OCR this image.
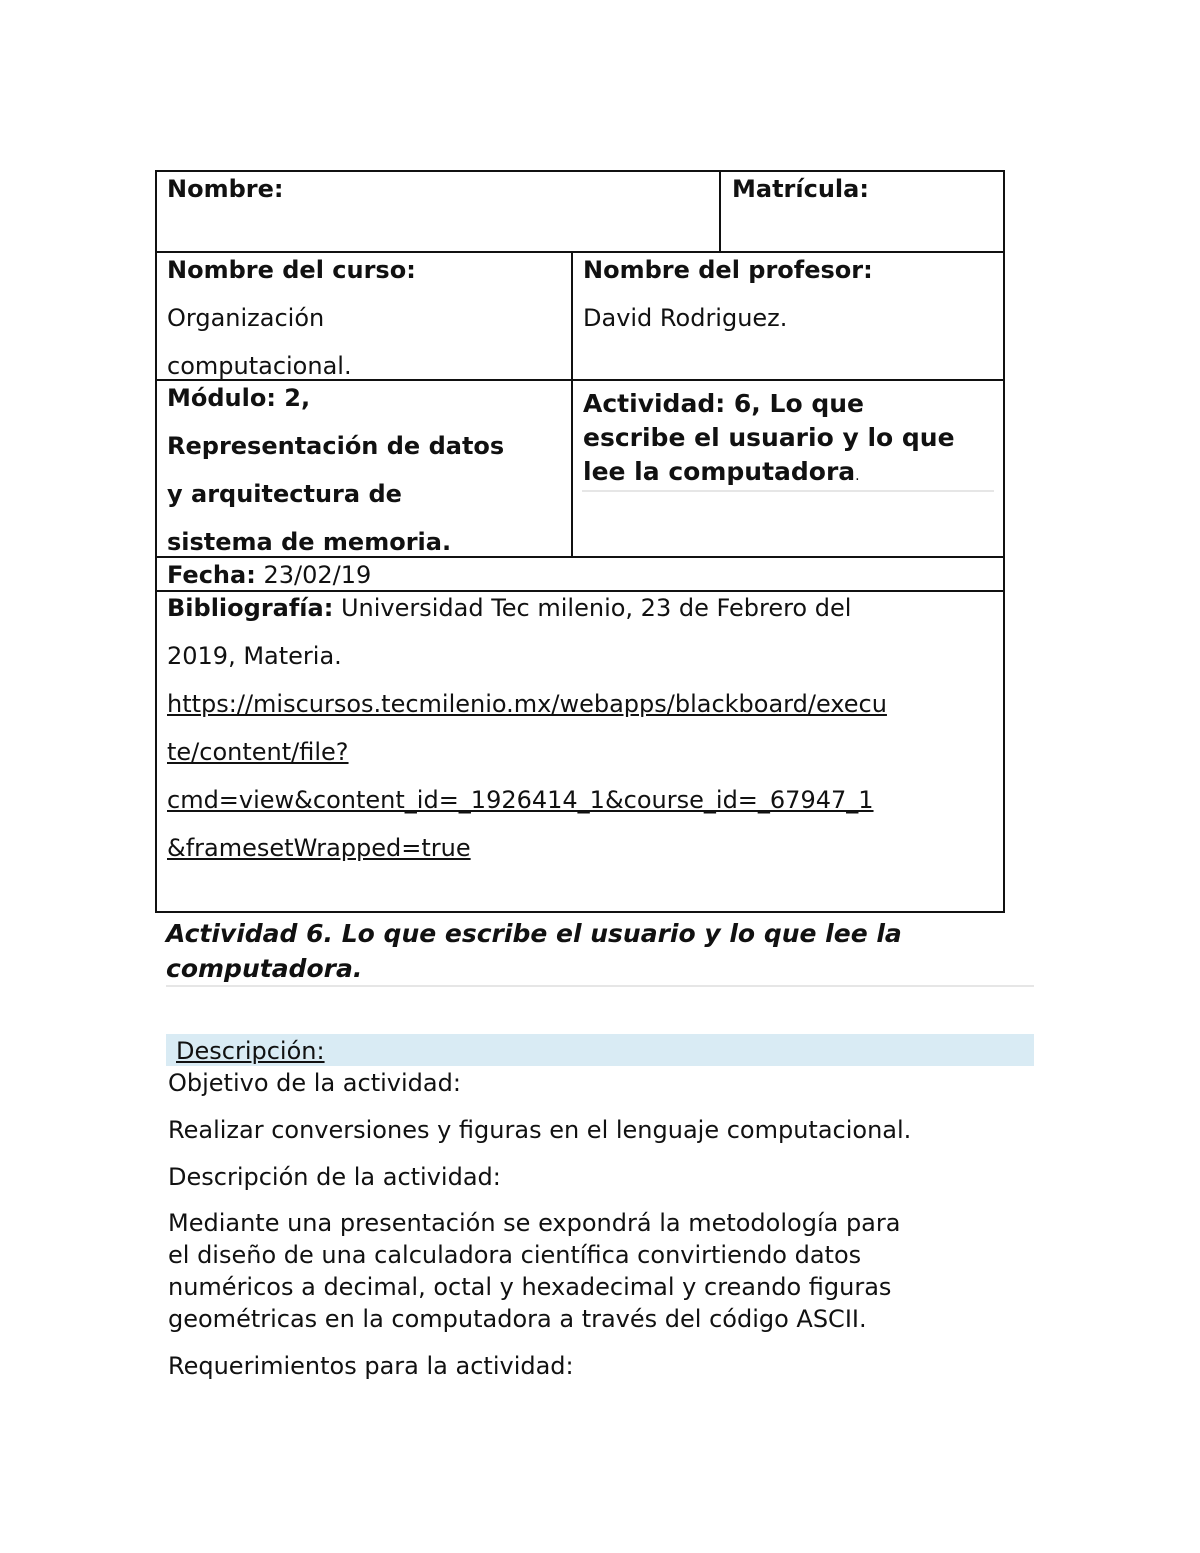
Nombre:	Matrícula:
Nombre del curso:
Organización
computacional.
Nombre del profesor:
David Rodriguez.
Módulo: 2,
Representación de datos
y arquitectura de
sistema de memoria.
Actividad: 6, Lo que
escribe el usuario y lo que
lee la computadora.
Fecha: 23/02/19
Bibliografía: Universidad Tec milenio, 23 de Febrero del
2019, Materia.
https://miscursos.tecmilenio.mx/webapps/blackboard/execu
te/content/file?
cmd=view&content_id=_1926414_1&course_id=_67947_1
&framesetWrapped=true
Actividad 6. Lo que escribe el usuario y lo que lee la
computadora.
Descripción:
Objetivo de la actividad:
Realizar conversiones y figuras en el lenguaje computacional.
Descripción de la actividad:
Mediante una presentación se expondrá la metodología para
el diseño de una calculadora científica convirtiendo datos
numéricos a decimal, octal y hexadecimal y creando figuras
geométricas en la computadora a través del código ASCII.
Requerimientos para la actividad:
